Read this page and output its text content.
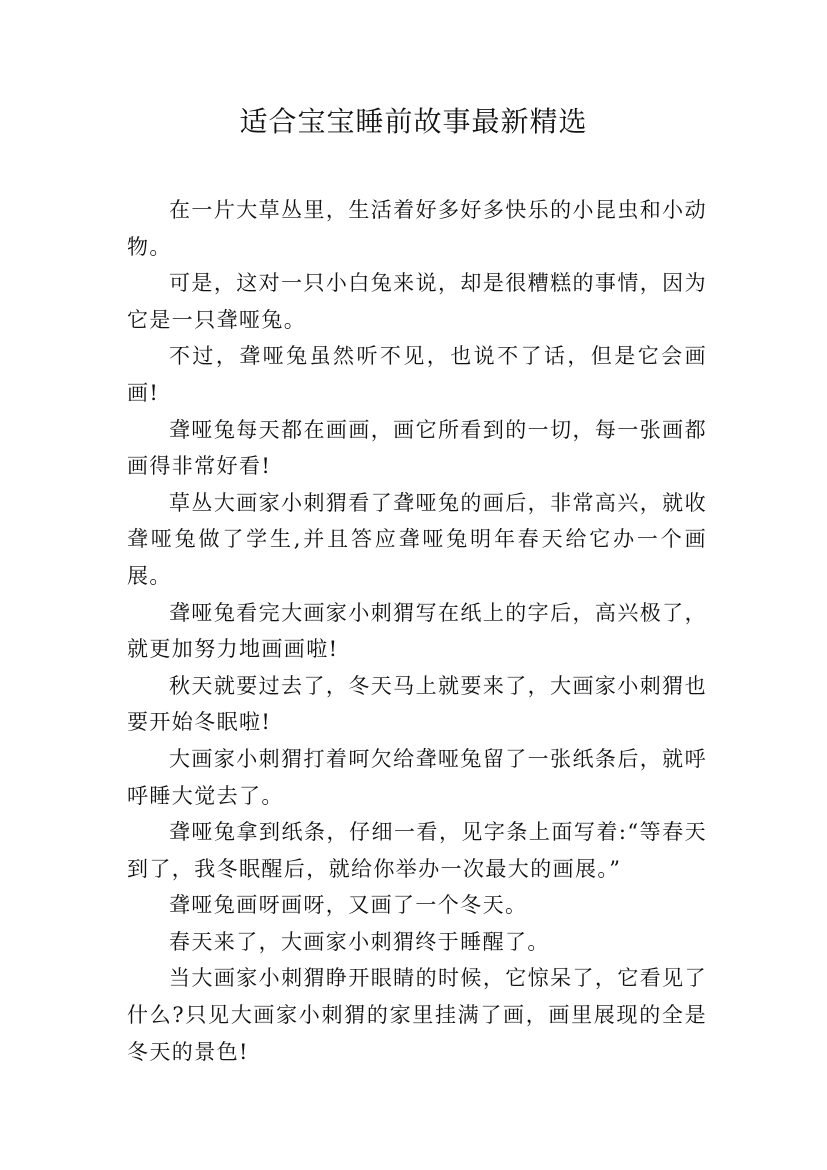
适合宝宝睡前故事最新精选

在一片大草丛里，生活着好多好多快乐的小昆虫和小动物。

可是，这对一只小白兔来说，却是很糟糕的事情，因为它是一只聋哑兔。

不过，聋哑兔虽然听不见，也说不了话，但是它会画画!

聋哑兔每天都在画画，画它所看到的一切，每一张画都画得非常好看!

草丛大画家小刺猬看了聋哑兔的画后，非常高兴，就收聋哑兔做了学生,并且答应聋哑兔明年春天给它办一个画展。

聋哑兔看完大画家小刺猬写在纸上的字后，高兴极了，就更加努力地画画啦!

秋天就要过去了，冬天马上就要来了，大画家小刺猬也要开始冬眠啦!

大画家小刺猬打着呵欠给聋哑兔留了一张纸条后，就呼呼睡大觉去了。

聋哑兔拿到纸条，仔细一看，见字条上面写着:“等春天到了，我冬眠醒后，就给你举办一次最大的画展。”

聋哑兔画呀画呀，又画了一个冬天。

春天来了，大画家小刺猬终于睡醒了。

当大画家小刺猬睁开眼睛的时候，它惊呆了，它看见了什么?只见大画家小刺猬的家里挂满了画，画里展现的全是冬天的景色!
